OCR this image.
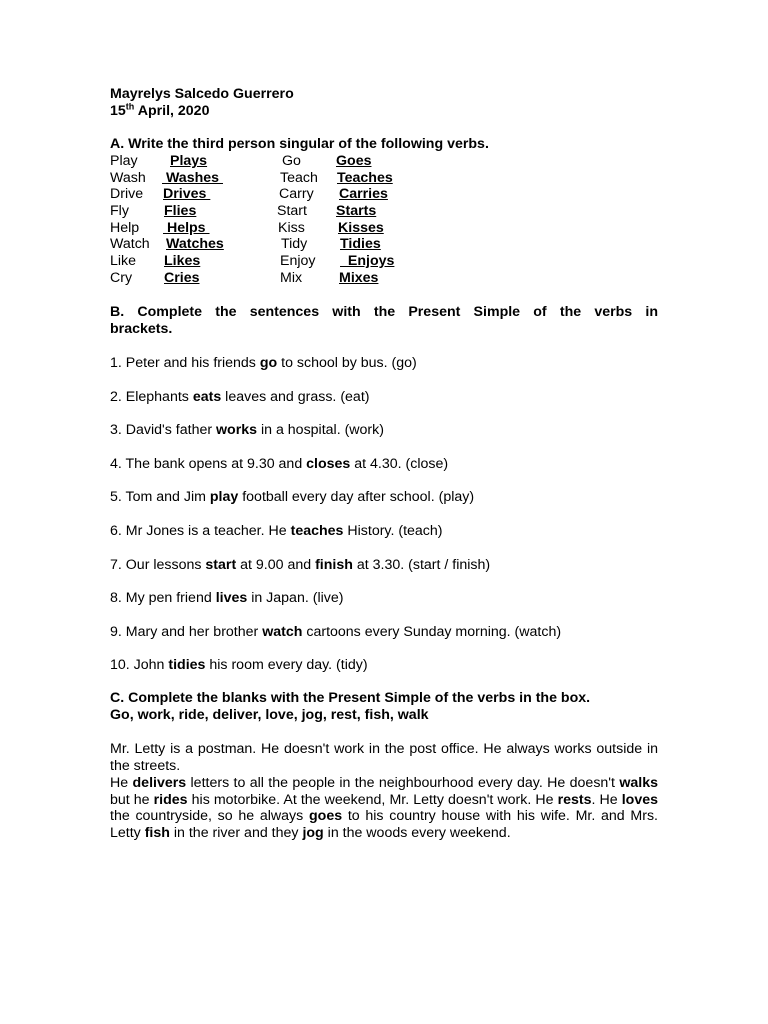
Mayrelys Salcedo Guerrero
15th April, 2020
A. Write the third person singular of the following verbs.
Play Plays	Go Goes
Wash Washes	Teach Teaches
Drive Drives	Carry Carries
Fly Flies	Start Starts
Help Helps	Kiss Kisses
Watch Watches	Tidy Tidies
Like Likes	Enjoy Enjoys
Cry Cries	Mix	Mixes
B. Complete the sentences with the Present Simple of the verbs in
brackets.
1. Peter and his friends go to school by bus. (go)
2. Elephants eats leaves and grass. (eat)
3. David's father works in a hospital. (work)
4. The bank opens at 9.30 and closes at 4.30. (close)
5. Tom and Jim play football every day after school. (play)
6. Mr Jones is a teacher. He teaches History. (teach)
7. Our lessons start at 9.00 and finish at 3.30. (start / finish)
8. My pen friend lives in Japan. (live)
9. Mary and her brother watch cartoons every Sunday morning. (watch)
10. John tidies his room every day. (tidy)
C. Complete the blanks with the Present Simple of the verbs in the box.
Go, work, ride, deliver, love, jog, rest, fish, walk
Mr. Letty is a postman. He doesn't work in the post office. He always works outside in the streets.
He delivers letters to all the people in the neighbourhood every day. He doesn't walks but he rides his motorbike. At the weekend, Mr. Letty doesn't work. He rests. He loves the countryside, so he always goes to his country house with his wife. Mr. and Mrs. Letty fish in the river and they jog in the woods every weekend.
